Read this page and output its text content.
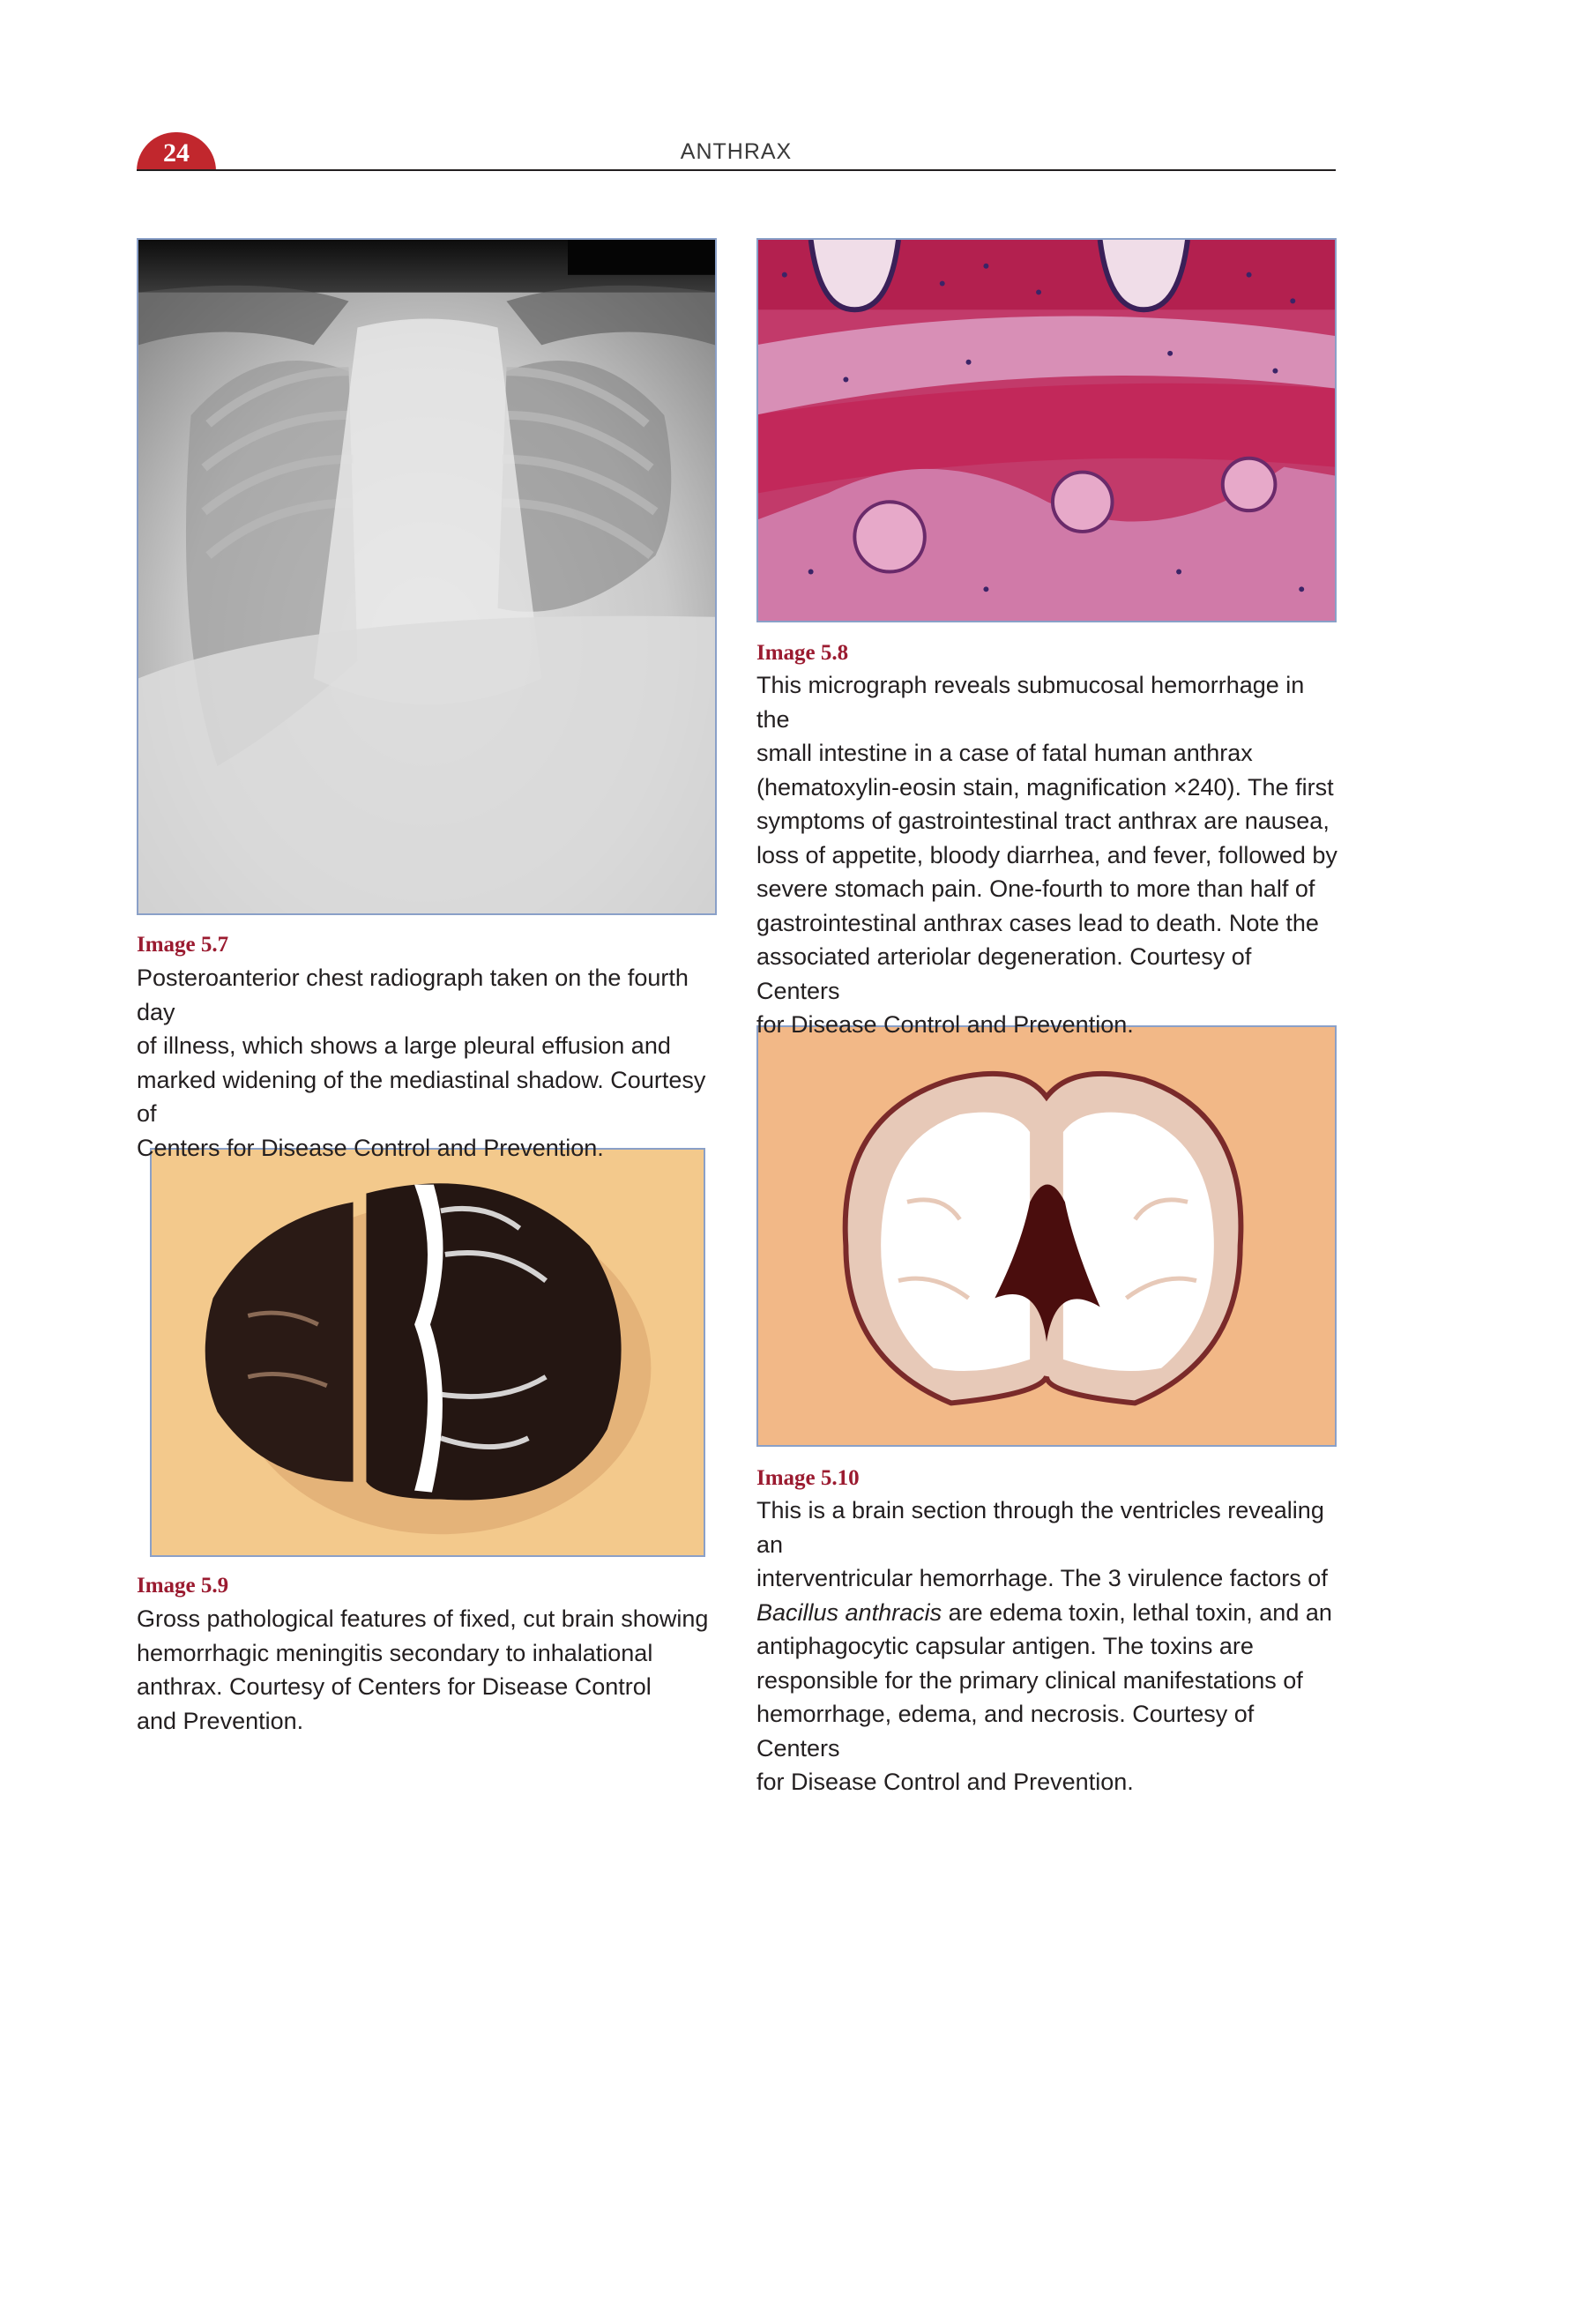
24	ANTHRAX
Image 5.7
Posteroanterior chest radiograph taken on the fourth day
of illness, which shows a large pleural effusion and
marked widening of the mediastinal shadow. Courtesy of
Centers for Disease Control and Prevention.
Image 5.8
This micrograph reveals submucosal hemorrhage in the
small intestine in a case of fatal human anthrax
(hematoxylin-eosin stain, magnification ×240). The first
symptoms of gastrointestinal tract anthrax are nausea,
loss of appetite, bloody diarrhea, and fever, followed by
severe stomach pain. One-fourth to more than half of
gastrointestinal anthrax cases lead to death. Note the
associated arteriolar degeneration. Courtesy of Centers
for Disease Control and Prevention.
Image 5.9
Gross pathological features of fixed, cut brain showing
hemorrhagic meningitis secondary to inhalational
anthrax. Courtesy of Centers for Disease Control
and Prevention.
Image 5.10
This is a brain section through the ventricles revealing an
interventricular hemorrhage. The 3 virulence factors of
Bacillus anthracis are edema toxin, lethal toxin, and an
antiphagocytic capsular antigen. The toxins are
responsible for the primary clinical manifestations of
hemorrhage, edema, and necrosis. Courtesy of Centers
for Disease Control and Prevention.
